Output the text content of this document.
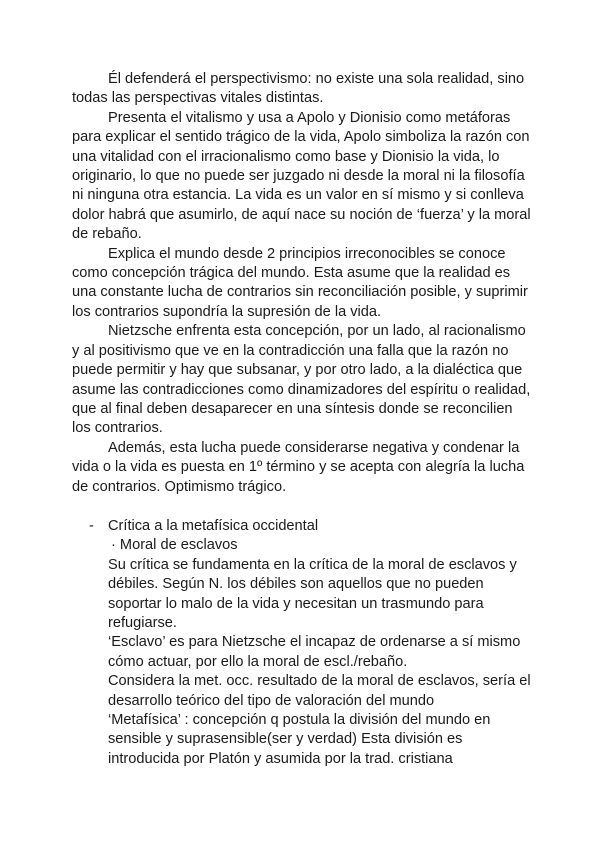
Él defenderá el perspectivismo: no existe una sola realidad, sino todas las perspectivas vitales distintas.

Presenta el vitalismo y usa a Apolo y Dionisio como metáforas para explicar el sentido trágico de la vida, Apolo simboliza la razón con una vitalidad con el irracionalismo como base y Dionisio la vida, lo originario, lo que no puede ser juzgado ni desde la moral ni la filosofía ni ninguna otra estancia. La vida es un valor en sí mismo y si conlleva dolor habrá que asumirlo, de aquí nace su noción de ‘fuerza’ y la moral de rebaño.

Explica el mundo desde 2 principios irreconocibles se conoce como concepción trágica del mundo. Esta asume que la realidad es una constante lucha de contrarios sin reconciliación posible, y suprimir los contrarios supondría la supresión de la vida.

Nietzsche enfrenta esta concepción, por un lado, al racionalismo y al positivismo que ve en la contradicción una falla que la razón no puede permitir y hay que subsanar, y por otro lado, a la dialéctica que asume las contradicciones como dinamizadores del espíritu o realidad, que al final deben desaparecer en una síntesis donde se reconcilien los contrarios.

Además, esta lucha puede considerarse negativa y condenar la vida o la vida es puesta en 1º término y se acepta con alegría la lucha de contrarios. Optimismo trágico.

- Crítica a la metafísica occidental

· Moral de esclavos

Su crítica se fundamenta en la crítica de la moral de esclavos y débiles. Según N. los débiles son aquellos que no pueden soportar lo malo de la vida y necesitan un trasmundo para refugiarse.

‘Esclavo’ es para Nietzsche el incapaz de ordenarse a sí mismo cómo actuar, por ello la moral de escl./rebaño.

Considera la met. occ. resultado de la moral de esclavos, sería el desarrollo teórico del tipo de valoración del mundo

‘Metafísica’ : concepción q postula la división del mundo en sensible y suprasensible(ser y verdad) Esta división es introducida por Platón y asumida por la trad. cristiana
